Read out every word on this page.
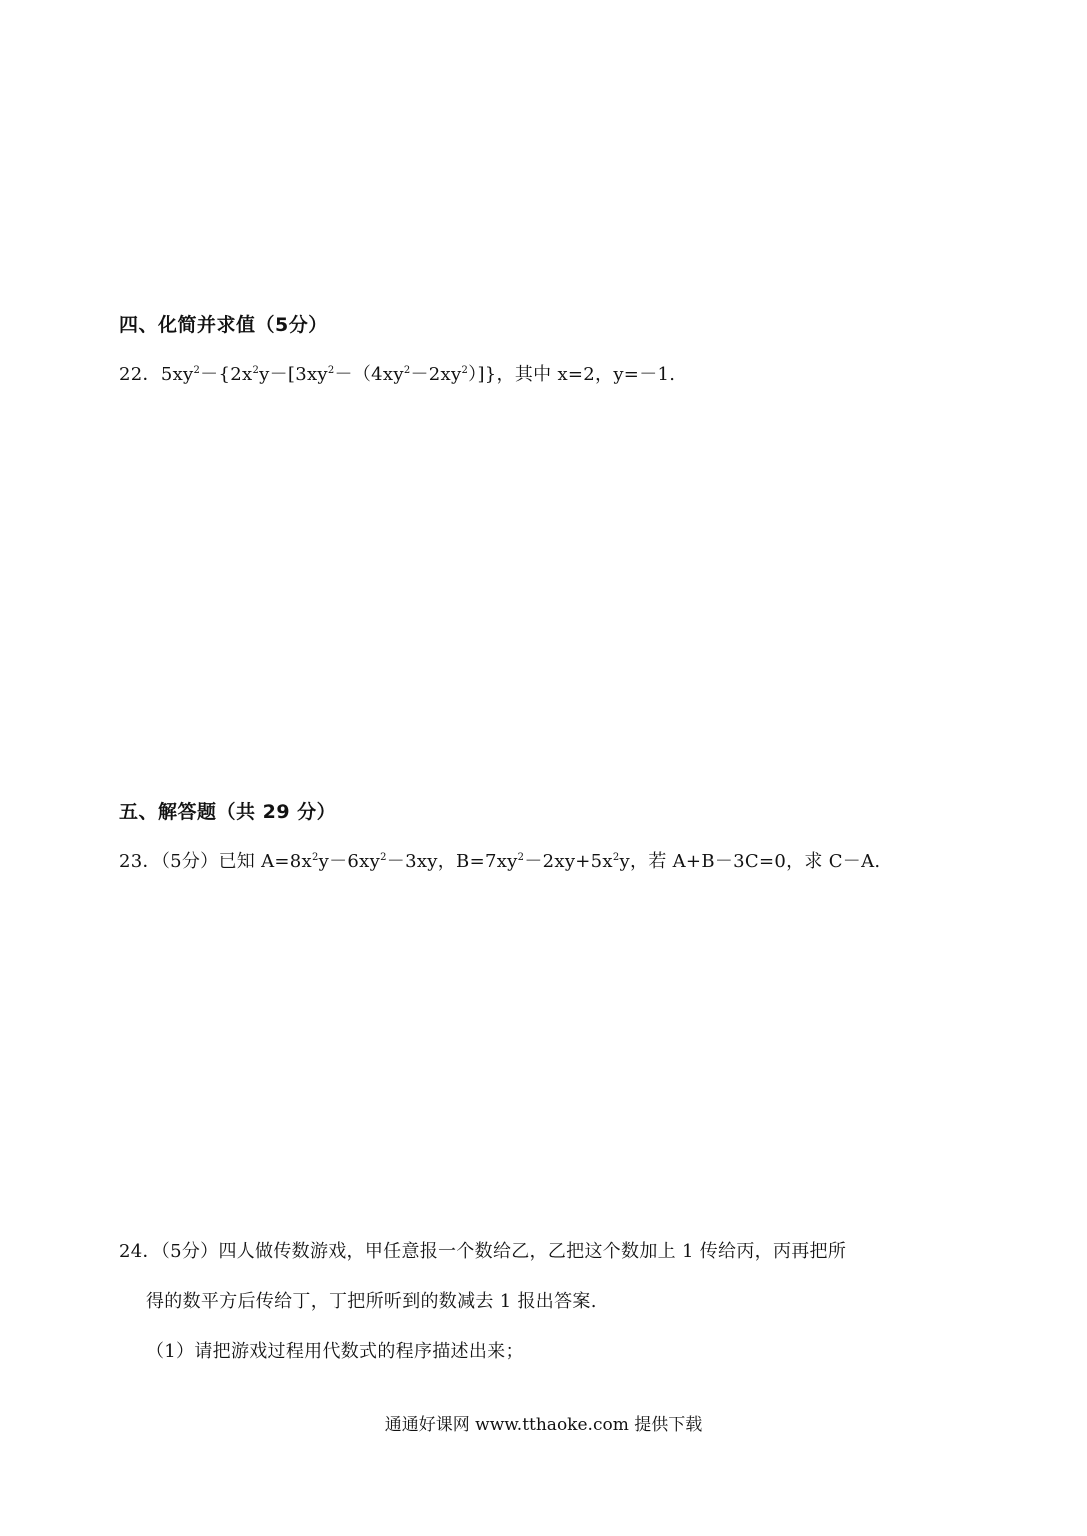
四、化简并求值（5分）
22．$5xy^2-\{2x^2y-[3xy^2-(4xy^2-2xy^2)]\}$，其中 x=2，y=－1.
五、解答题（共 29 分）
23．（5分）已知 $A=8x^2y-6xy^2-3xy$，$B=7xy^2-2xy+5x^2y$，若 A+B－3C=0，求 C－A.
24．（5分）四人做传数游戏，甲任意报一个数给乙，乙把这个数加上 1 传给丙，丙再把所
得的数平方后传给丁，丁把所听到的数减去 1 报出答案.
（1）请把游戏过程用代数式的程序描述出来；
通通好课网 www.tthaoke.com 提供下载
